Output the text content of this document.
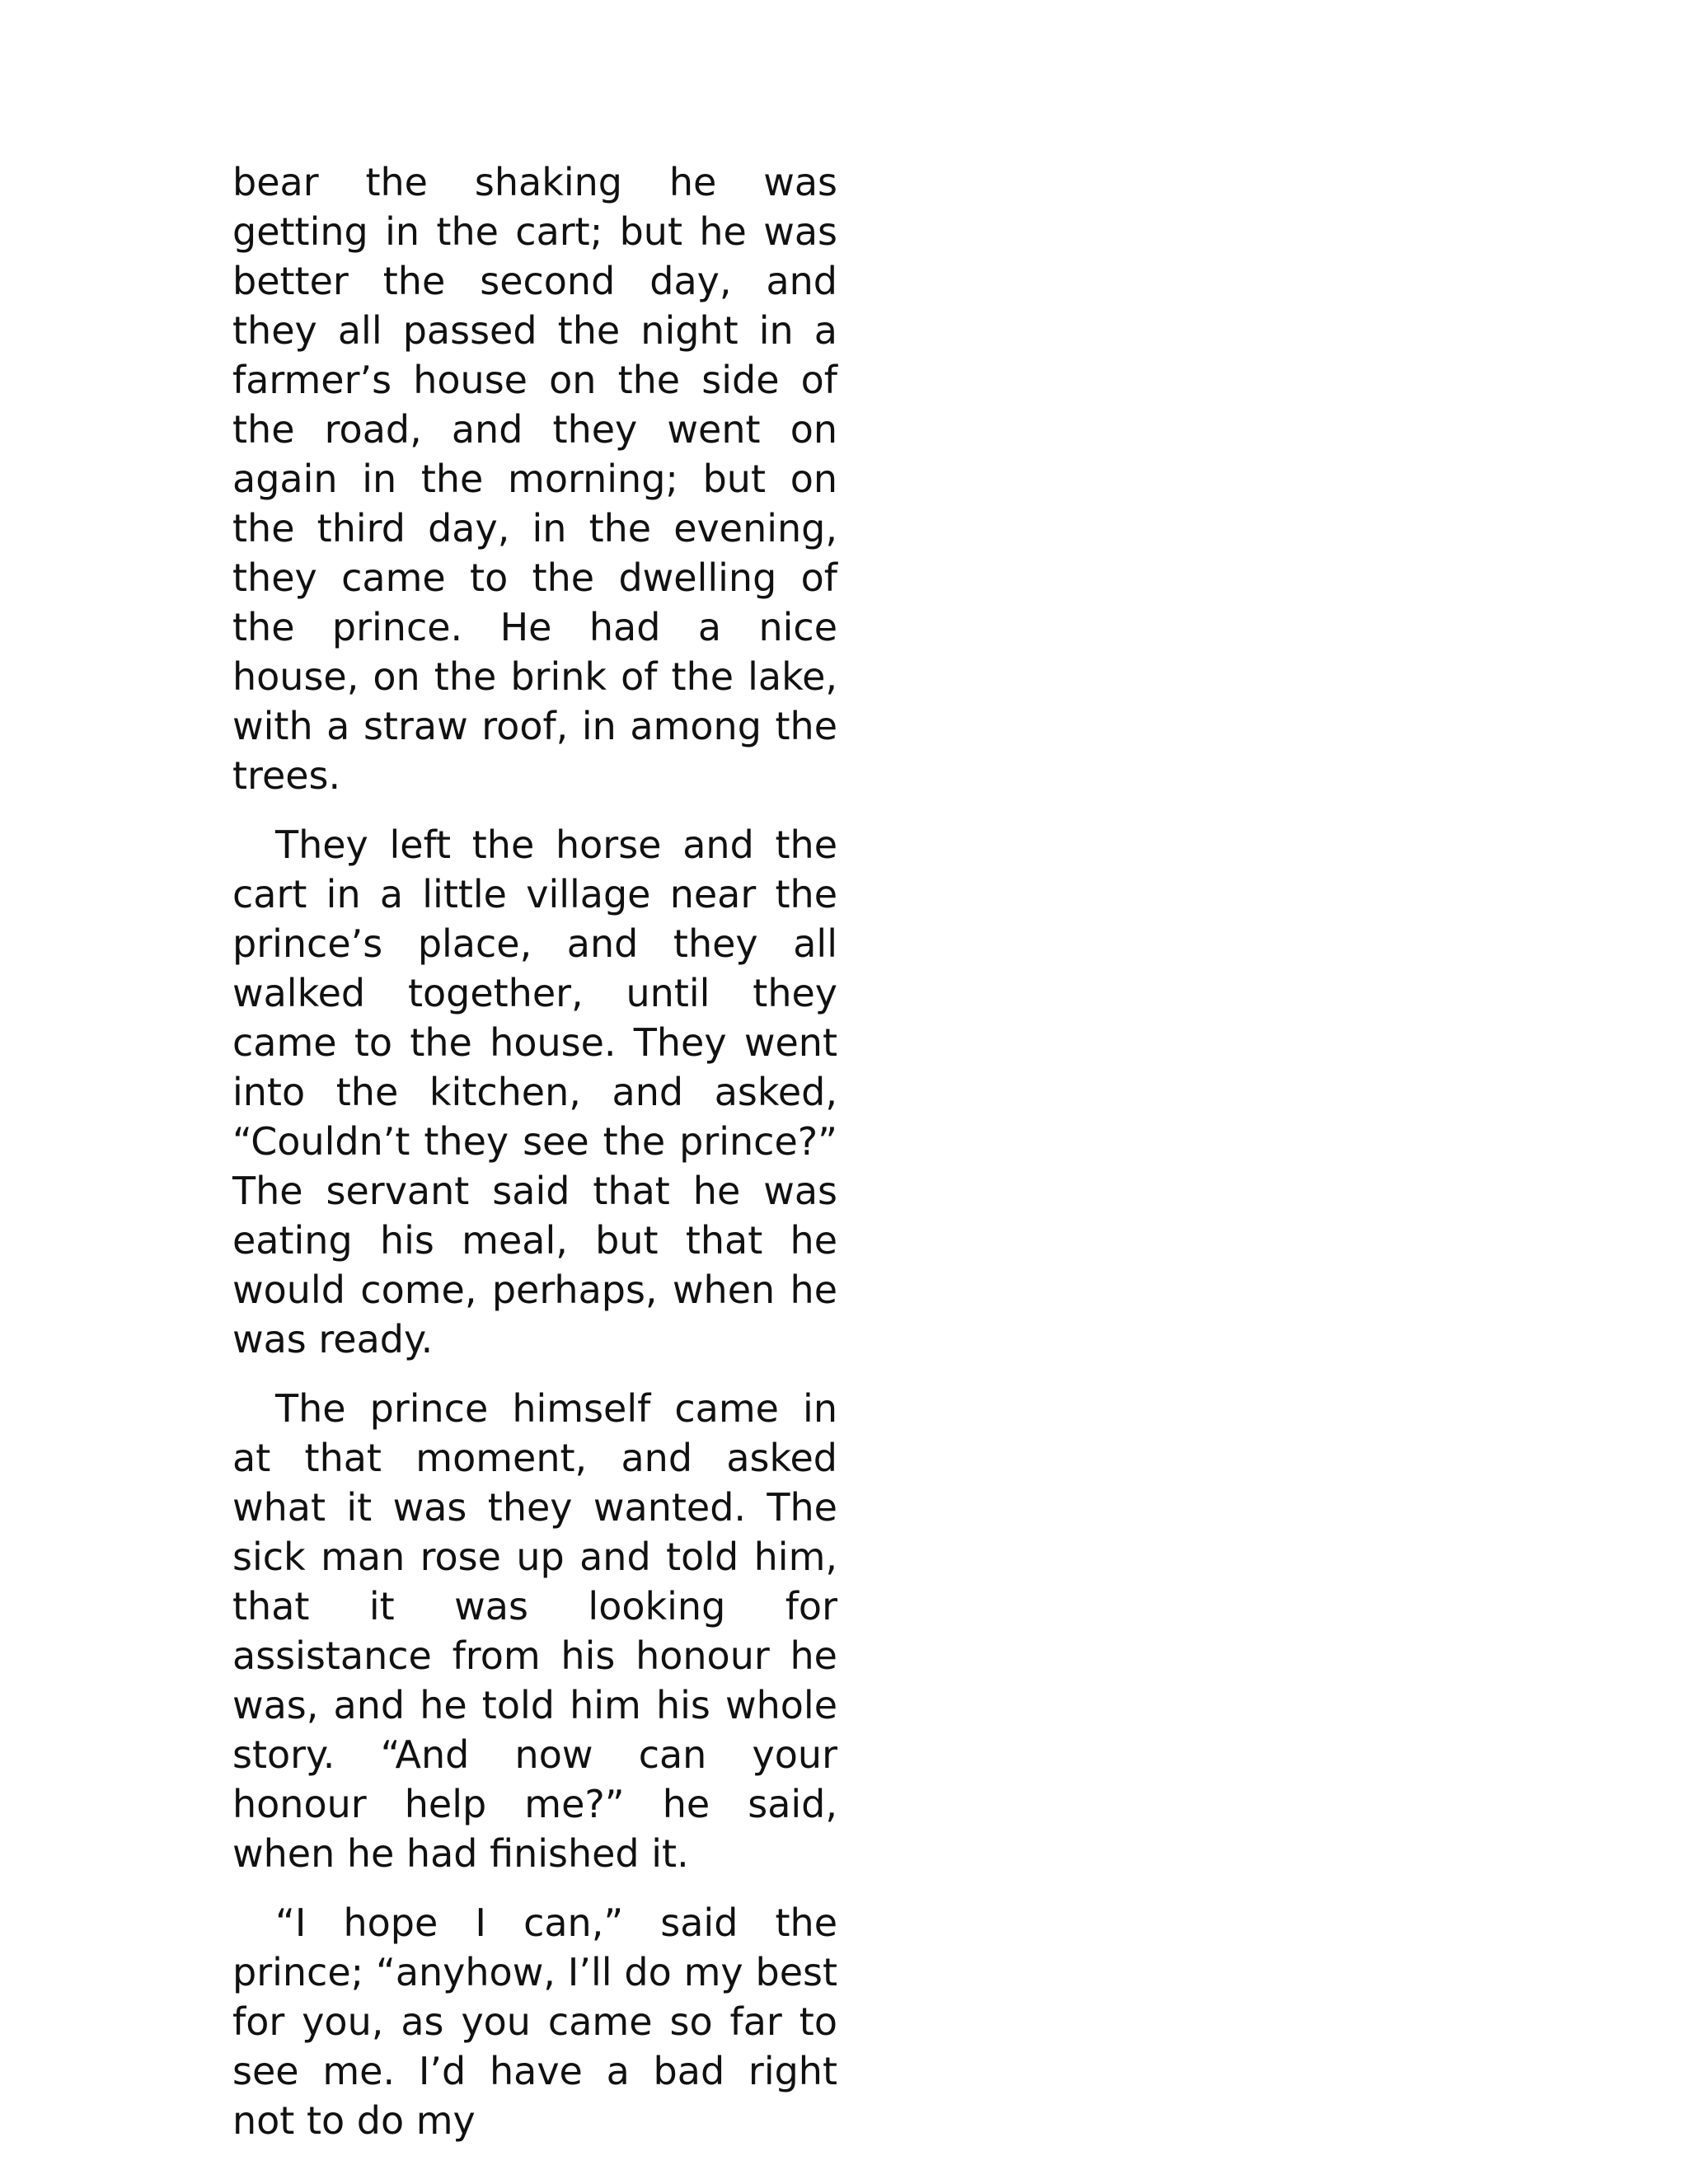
bear the shaking he was getting in the cart; but he was better the second day, and they all passed the night in a farmer’s house on the side of the road, and they went on again in the morning; but on the third day, in the evening, they came to the dwelling of the prince. He had a nice house, on the brink of the lake, with a straw roof, in among the trees.

They left the horse and the cart in a little village near the prince’s place, and they all walked together, until they came to the house. They went into the kitchen, and asked, “Couldn’t they see the prince?” The servant said that he was eating his meal, but that he would come, perhaps, when he was ready.

The prince himself came in at that moment, and asked what it was they wanted. The sick man rose up and told him, that it was looking for assistance from his honour he was, and he told him his whole story. “And now can your honour help me?” he said, when he had finished it.

“I hope I can,” said the prince; “anyhow, I’ll do my best for you, as you came so far to see me. I’d have a bad right not to do my
